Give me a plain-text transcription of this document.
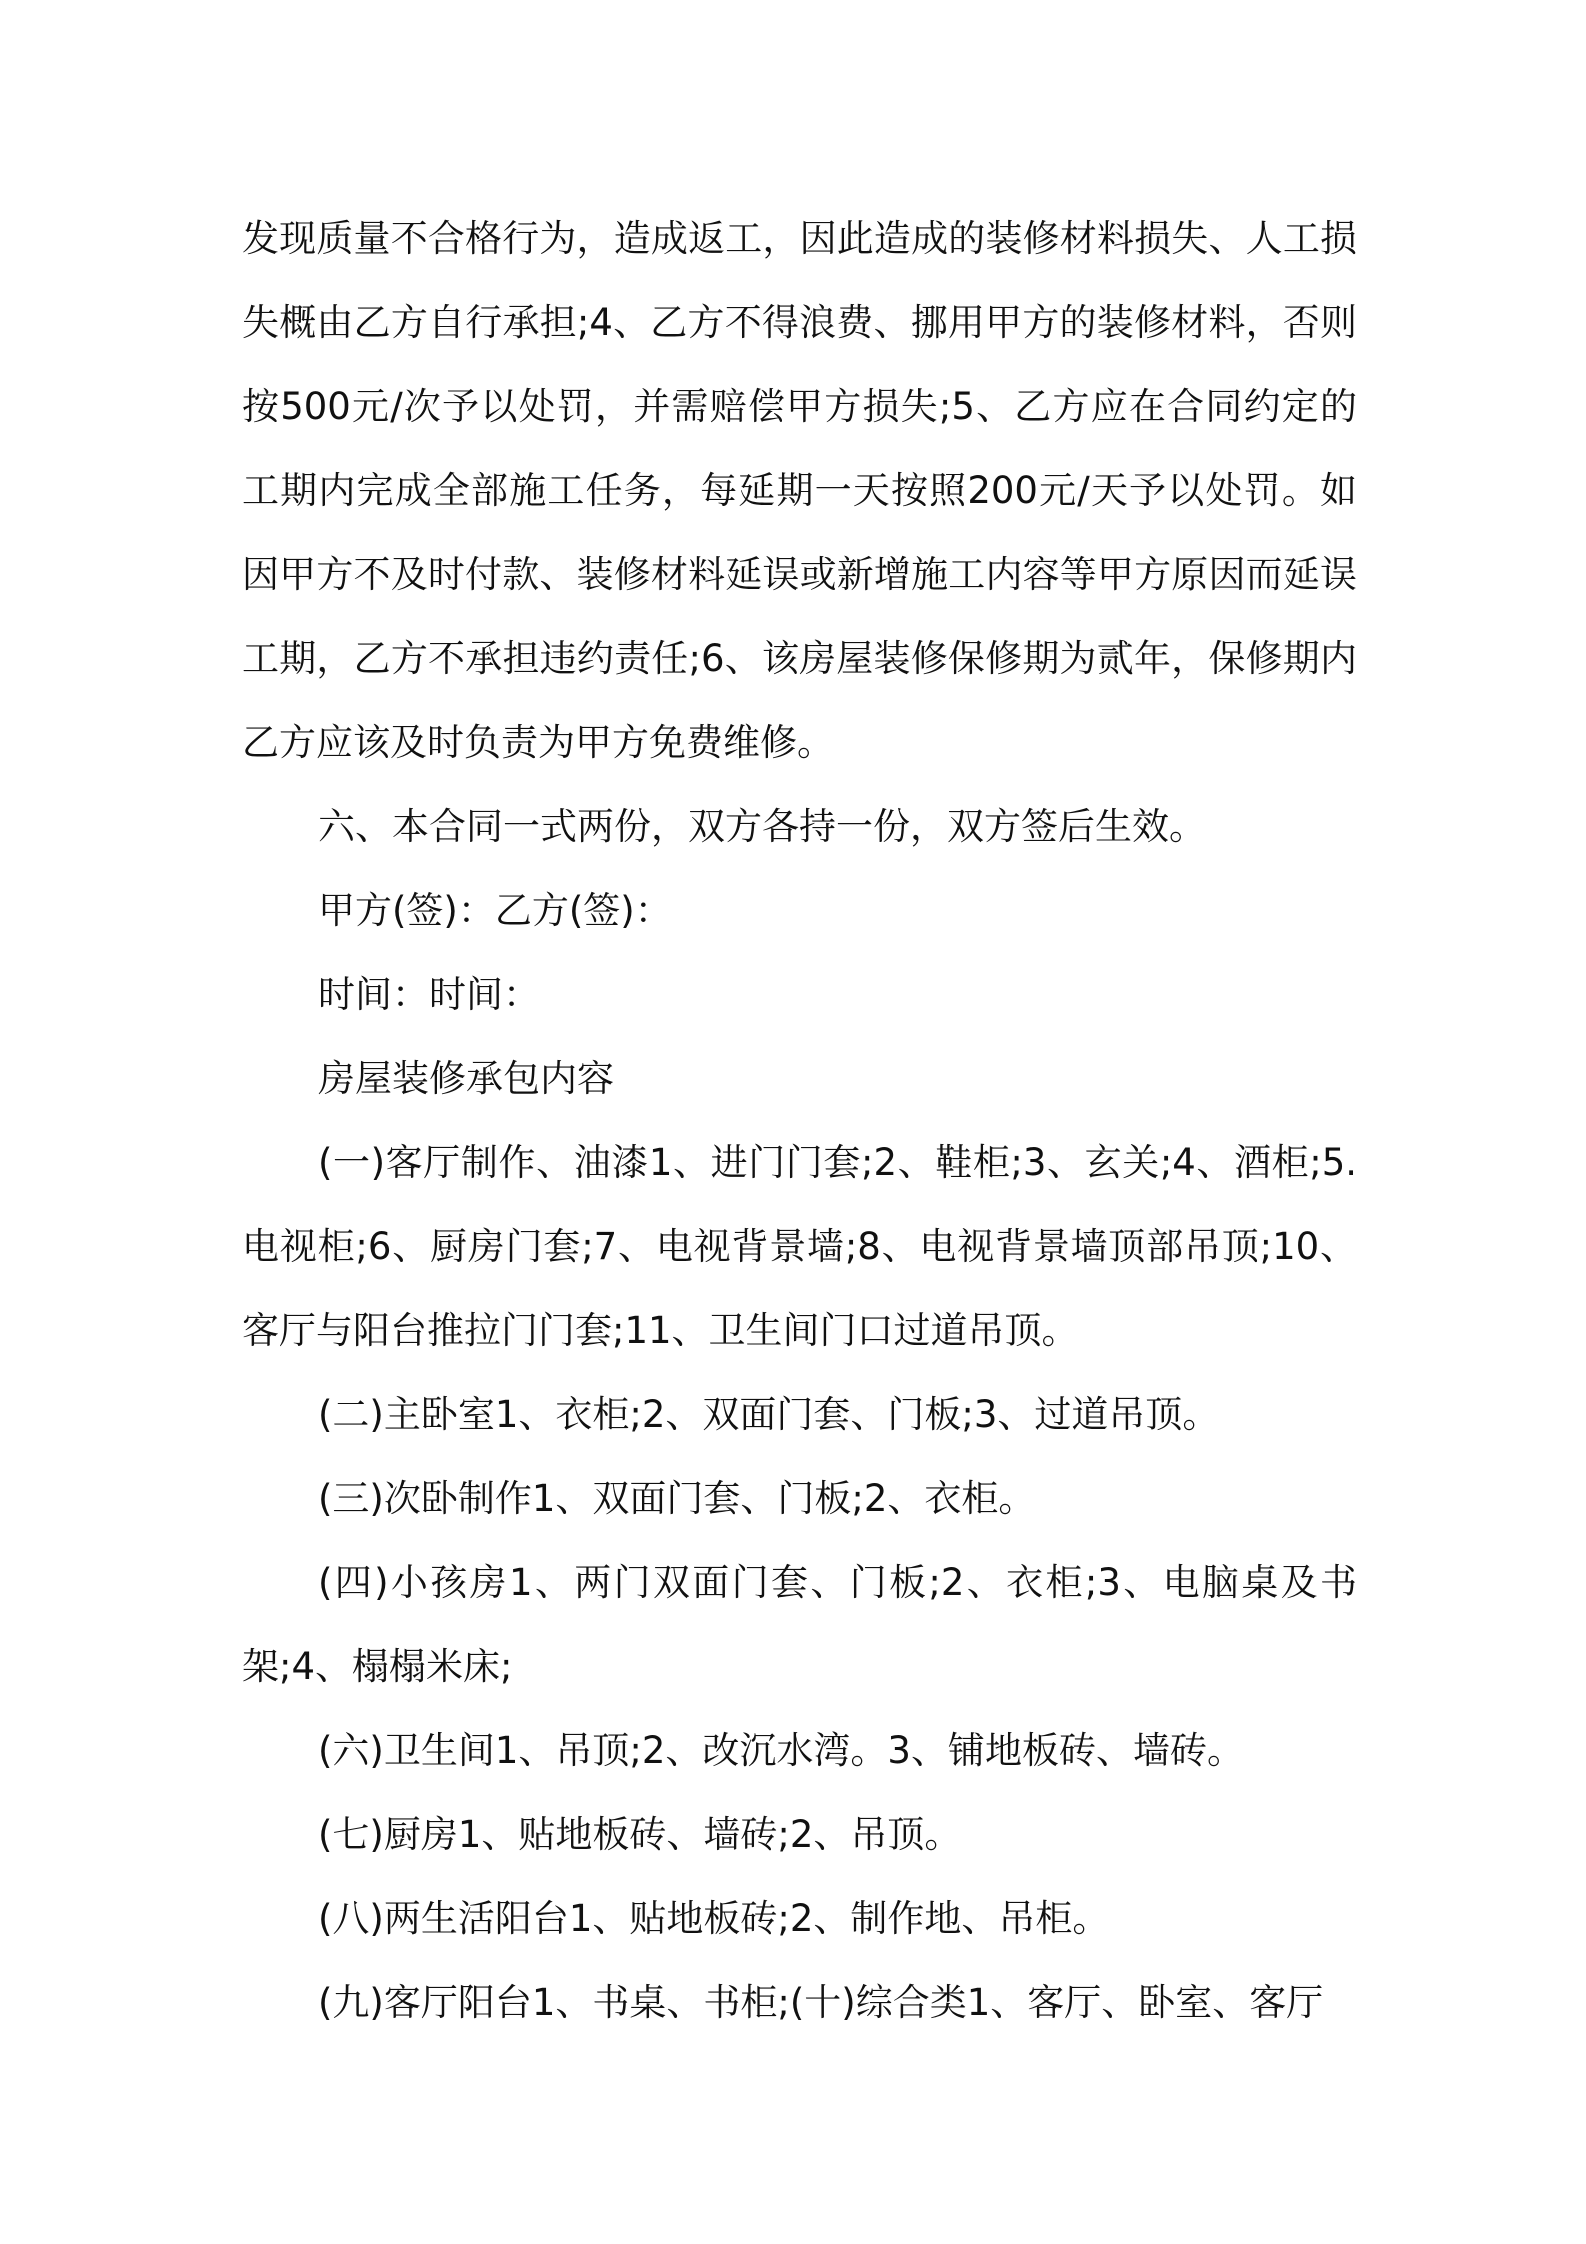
发现质量不合格行为，造成返工，因此造成的装修材料损失、人工损失概由乙方自行承担;4、乙方不得浪费、挪用甲方的装修材料，否则按500元/次予以处罚，并需赔偿甲方损失;5、乙方应在合同约定的工期内完成全部施工任务，每延期一天按照200元/天予以处罚。如因甲方不及时付款、装修材料延误或新增施工内容等甲方原因而延误工期，乙方不承担违约责任;6、该房屋装修保修期为贰年，保修期内乙方应该及时负责为甲方免费维修。

六、本合同一式两份，双方各持一份，双方签后生效。

甲方(签)：乙方(签)：

时间：时间：

房屋装修承包内容

(一)客厅制作、油漆1、进门门套;2、鞋柜;3、玄关;4、酒柜;5.电视柜;6、厨房门套;7、电视背景墙;8、电视背景墙顶部吊顶;10、客厅与阳台推拉门门套;11、卫生间门口过道吊顶。

(二)主卧室1、衣柜;2、双面门套、门板;3、过道吊顶。

(三)次卧制作1、双面门套、门板;2、衣柜。

(四)小孩房1、两门双面门套、门板;2、衣柜;3、电脑桌及书架;4、榻榻米床;

(六)卫生间1、吊顶;2、改沉水湾。3、铺地板砖、墙砖。

(七)厨房1、贴地板砖、墙砖;2、吊顶。

(八)两生活阳台1、贴地板砖;2、制作地、吊柜。

(九)客厅阳台1、书桌、书柜;(十)综合类1、客厅、卧室、客厅
